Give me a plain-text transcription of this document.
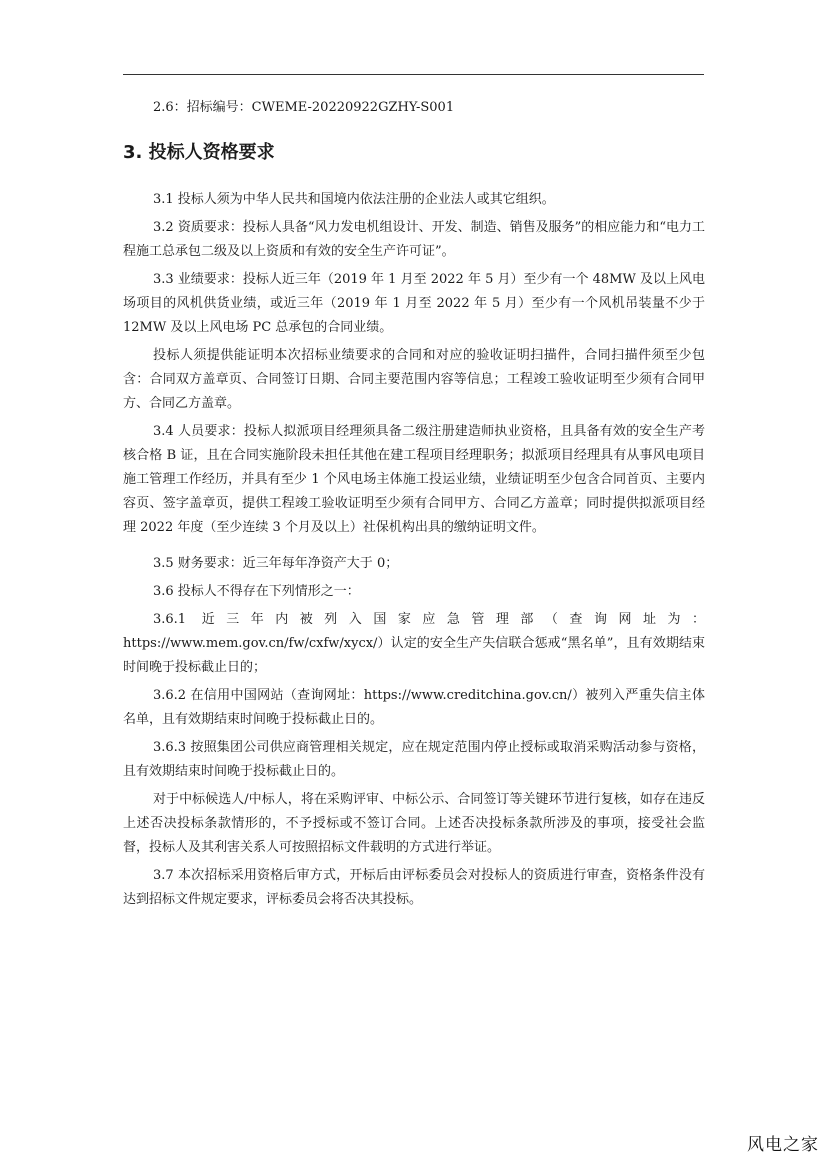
2.6：招标编号：CWEME-20220922GZHY-S001

3. 投标人资格要求

3.1 投标人须为中华人民共和国境内依法注册的企业法人或其它组织。

3.2 资质要求：投标人具备“风力发电机组设计、开发、制造、销售及服务”的相应能力和“电力工程施工总承包二级及以上资质和有效的安全生产许可证”。

3.3 业绩要求：投标人近三年（2019 年 1 月至 2022 年 5 月）至少有一个 48MW 及以上风电场项目的风机供货业绩，或近三年（2019 年 1 月至 2022 年 5 月）至少有一个风机吊装量不少于 12MW 及以上风电场 PC 总承包的合同业绩。

投标人须提供能证明本次招标业绩要求的合同和对应的验收证明扫描件，合同扫描件须至少包含：合同双方盖章页、合同签订日期、合同主要范围内容等信息；工程竣工验收证明至少须有合同甲方、合同乙方盖章。

3.4 人员要求：投标人拟派项目经理须具备二级注册建造师执业资格，且具备有效的安全生产考核合格 B 证，且在合同实施阶段未担任其他在建工程项目经理职务；拟派项目经理具有从事风电项目施工管理工作经历，并具有至少 1 个风电场主体施工投运业绩，业绩证明至少包含合同首页、主要内容页、签字盖章页，提供工程竣工验收证明至少须有合同甲方、合同乙方盖章；同时提供拟派项目经理 2022 年度（至少连续 3 个月及以上）社保机构出具的缴纳证明文件。

3.5 财务要求：近三年每年净资产大于 0；

3.6 投标人不得存在下列情形之一：

3.6.1 近三年内被列入国家应急管理部（查询网址为：https://www.mem.gov.cn/fw/cxfw/xycx/）认定的安全生产失信联合惩戒“黑名单”，且有效期结束时间晚于投标截止日的；

3.6.2 在信用中国网站（查询网址：https://www.creditchina.gov.cn/）被列入严重失信主体名单，且有效期结束时间晚于投标截止日的。

3.6.3 按照集团公司供应商管理相关规定，应在规定范围内停止授标或取消采购活动参与资格，且有效期结束时间晚于投标截止日的。

对于中标候选人/中标人，将在采购评审、中标公示、合同签订等关键环节进行复核，如存在违反上述否决投标条款情形的，不予授标或不签订合同。上述否决投标条款所涉及的事项，接受社会监督，投标人及其利害关系人可按照招标文件载明的方式进行举证。

3.7 本次招标采用资格后审方式，开标后由评标委员会对投标人的资质进行审查，资格条件没有达到招标文件规定要求，评标委员会将否决其投标。

风电之家
